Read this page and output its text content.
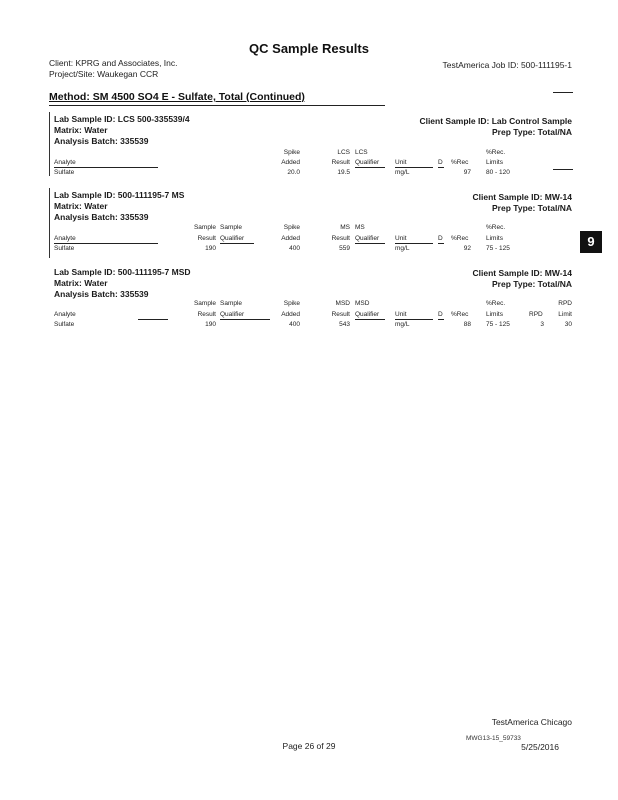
QC Sample Results
Client: KPRG and Associates, Inc.
Project/Site: Waukegan CCR
TestAmerica Job ID: 500-111195-1
Method: SM 4500 SO4 E - Sulfate, Total (Continued)
9
Lab Sample ID: LCS 500-335539/4
Matrix: Water
Analysis Batch: 335539
Client Sample ID: Lab Control Sample
Prep Type: Total/NA
Spike	LCS LCS	%Rec.
Analyte	Added	Result Qualifier Unit	D %Rec	Limits
Sulfate	20.0	19.5	mg/L	97 80 - 120
Lab Sample ID: 500-111195-7 MS
Matrix: Water
Analysis Batch: 335539
Client Sample ID: MW-14
Prep Type: Total/NA
Sample Sample	Spike	MS MS	%Rec.
Analyte	Result Qualifier	Added	Result Qualifier Unit	D %Rec	Limits
Sulfate	190	400	559	mg/L	92 75 - 125
Lab Sample ID: 500-111195-7 MSD
Matrix: Water
Analysis Batch: 335539
Client Sample ID: MW-14
Prep Type: Total/NA
Sample Sample	Spike	MSD MSD	%Rec.	RPD
Analyte	Result Qualifier	Added	Result Qualifier Unit	D %Rec	Limits	RPD	Limit
Sulfate	190	400	543	mg/L	88 75 - 125	3	30
TestAmerica Chicago
Page 26 of 29
MWG13-15_59733
5/25/2016
